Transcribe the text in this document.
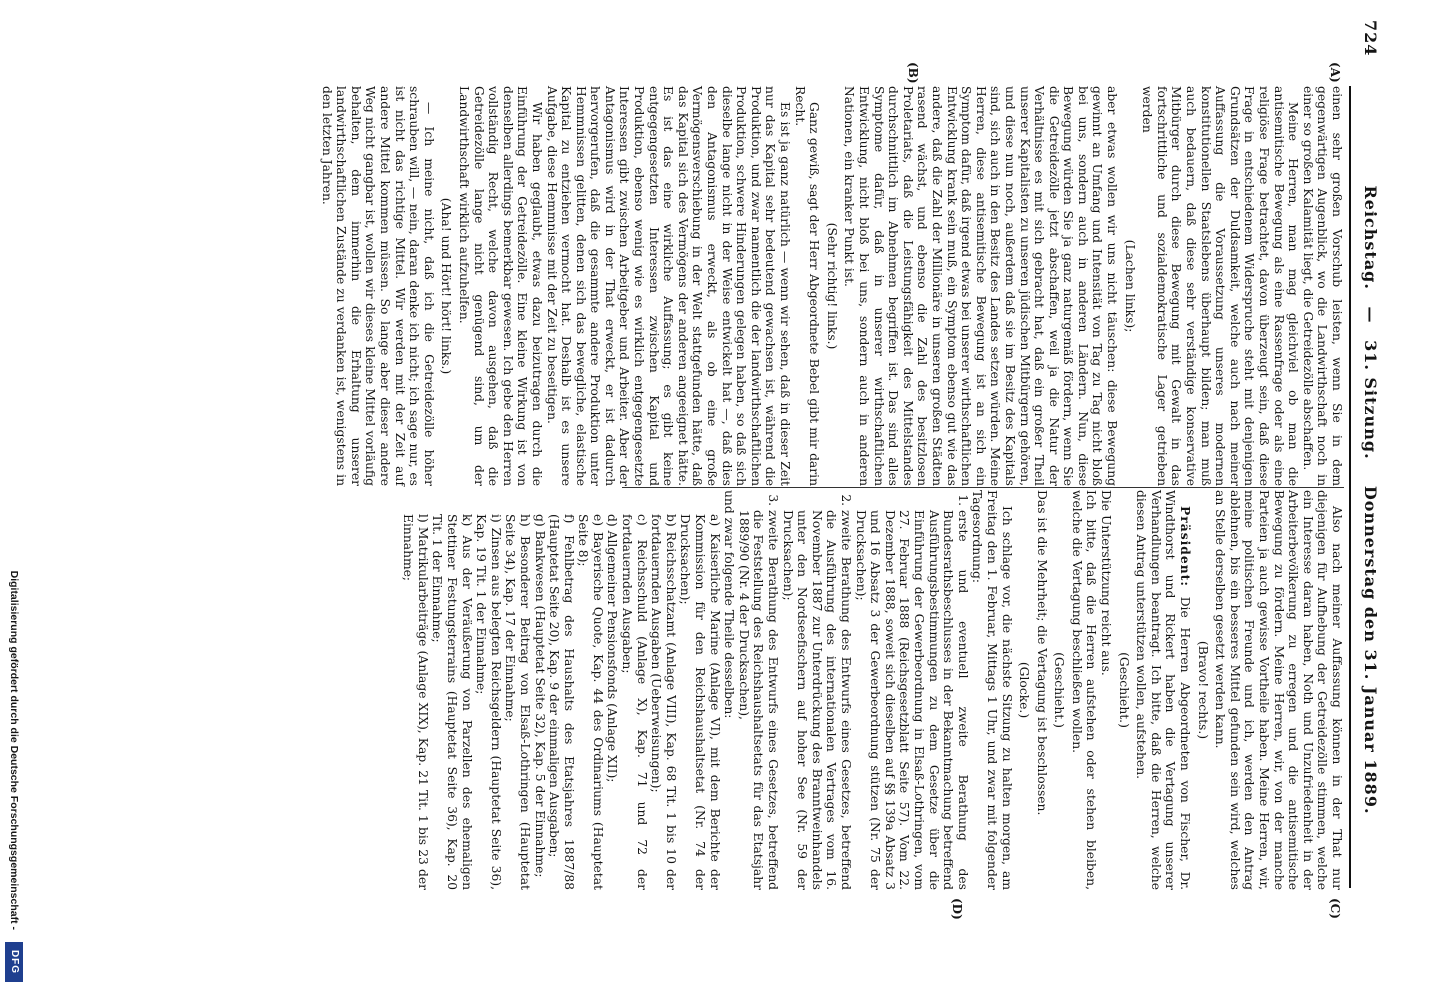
724
Reichstag. — 31. Sitzung.    Donnerstag den 31. Januar 1889.
(A)
(B)
(C)
(D)

einen sehr großen Vorschub leisten, wenn Sie in dem gegenwärtigen Augenblick, wo die Landwirthschaft noch in einer so großen Kalamität liegt, die Getreidezölle abschaffen.

Meine Herren, man mag gleichviel ob man die antisemitische Bewegung als eine Rassenfrage oder als eine religiöse Frage betrachtet, davon überzeugt sein, daß diese Frage in entschiedenem Widerspruche steht mit denjenigen Grundsätzen der Duldsamkeit, welche auch nach meiner Auffassung die Voraussetzung unseres modernen konstitutionellen Staatslebens überhaupt bilden; man muß auch bedauern, daß diese sehr verständige konservative Mitbürger durch diese Bewegung mit Gewalt in das fortschrittliche und sozialdemokratische Lager getrieben werden

(Lachen links);

aber etwas wollen wir uns nicht täuschen: diese Bewegung gewinnt an Umfang und Intensität von Tag zu Tag nicht bloß bei uns, sondern auch in anderen Ländern. Nun, diese Bewegung würden Sie ja ganz naturgemäß fördern, wenn Sie die Getreidezölle jetzt abschaffen, weil ja die Natur der Verhältnisse es mit sich gebracht hat, daß ein großer Theil unserer Kapitalisten zu unseren jüdischen Mitbürgern gehören, und diese nun noch, außerdem daß sie im Besitz des Kapitals sind, sich auch in den Besitz des Landes setzen würden. Meine Herren, diese antisemitische Bewegung ist an sich ein Symptom dafür, daß irgend etwas bei unserer wirthschaftlichen Entwicklung krank sein muß, ein Symptom ebenso gut wie das andere, daß die Zahl der Millionäre in unseren großen Städten rasend wächst, und ebenso die Zahl des besitzlosen Proletariats, daß die Leistungsfähigkeit des Mittelstandes durchschnittlich im Abnehmen begriffen ist. Das sind alles Symptome dafür, daß in unserer wirthschaftlichen Entwicklung, nicht bloß bei uns, sondern auch in anderen Nationen, ein kranker Punkt ist.

(Sehr richtig! links.)

Ganz gewiß, sagt der Herr Abgeordnete Bebel gibt mir darin Recht.

Es ist ja ganz natürlich — wenn wir sehen, daß in dieser Zeit nur das Kapital sehr bedeutend gewachsen ist, während die Produktion, und zwar namentlich die der landwirthschaftlichen Produktion, schwere Hinderungen gelegen haben, so daß sich dieselbe lange nicht in der Weise entwickelt hat —, daß dies den Antagonismus erweckt, als ob eine große Vermögensverschiebung in der Welt stattgefunden hätte, daß das Kapital sich des Vermögens der anderen angeeignet hätte. Es ist das eine wirkliche Auffassung; es gibt keine entgegengesetzten Interessen zwischen Kapital und Produktion, ebenso wenig wie es wirklich entgegengesetzte Interessen gibt zwischen Arbeitgeber und Arbeiter. Aber der Antagonismus wird in der That erweckt, er ist dadurch hervorgerufen, daß die gesammte andere Produktion unter Hemmnissen gelitten, denen sich das bewegliche, elastische Kapital zu entziehen vermocht hat. Deshalb ist es unsere Aufgabe, diese Hemmnisse mit der Zeit zu beseitigen.

Wir haben geglaubt, etwas dazu beizutragen durch die Einführung der Getreidezölle. Eine kleine Wirkung ist von denselben allerdings bemerkbar gewesen. Ich gebe den Herren vollständig Recht, welche davon ausgehen, daß die Getreidezölle lange nicht genügend sind, um der Landwirthschaft wirklich aufzuhelfen.

(Aha! und Hört! hört! links.)

— Ich meine nicht, daß ich die Getreidezölle höher schrauben will, — nein, daran denke ich nicht; ich sage nur, es ist nicht das richtige Mittel. Wir werden mit der Zeit auf andere Mittel kommen müssen. So lange aber dieser andere Weg nicht gangbar ist, wollen wir dieses kleine Mittel vorläufig behalten, dem immerhin die Erhaltung unserer landwirthschaftlichen Zustände zu verdanken ist, wenigstens in den letzten Jahren.

Also nach meiner Auffassung können in der That nur diejenigen für Aufhebung der Getreidezölle stimmen, welche ein Interesse daran haben, Noth und Unzufriedenheit in der Arbeiterbevölkerung zu erregen und die antisemitische Bewegung zu fördern. Meine Herren, wir, von der manche Parteien ja auch gewisse Vortheile haben. Meine Herren, wir, meine politischen Freunde und ich, werden den Antrag ablehnen, bis ein besseres Mittel gefunden sein wird, welches an Stelle derselben gesetzt werden kann.

(Bravo! rechts.)

Präsident: Die Herren Abgeordneten von Fischer, Dr. Windthorst und Rickert haben die Vertagung unserer Verhandlungen beantragt. Ich bitte, daß die Herren, welche diesen Antrag unterstützen wollen, aufstehen.

(Geschieht.)

Die Unterstützung reicht aus.

Ich bitte, daß die Herren aufstehen oder stehen bleiben, welche die Vertagung beschließen wollen.

(Geschieht.)

Das ist die Mehrheit; die Vertagung ist beschlossen.

(Glocke.)

Ich schlage vor, die nächste Sitzung zu halten morgen, am Freitag den 1. Februar, Mittags 1 Uhr, und zwar mit folgender Tagesordnung:

1. erste und eventuell zweite Berathung des Bundesrathsbeschlusses in der Bekanntmachung betreffend Ausführungsbestimmungen zu dem Gesetze über die Einführung der Gewerbeordnung in Elsaß-Lothringen, vom 27. Februar 1888 (Reichsgesetzblatt Seite 57). Vom 22. Dezember 1888, soweit sich dieselben auf §§ 139a Absatz 3 und 16 Absatz 3 der Gewerbeordnung stützen (Nr. 75 der Drucksachen);
2. zweite Berathung des Entwurfs eines Gesetzes, betreffend die Ausführung des internationalen Vertrages vom 16. November 1887 zur Unterdrückung des Branntweinhandels unter den Nordseefischern auf hoher See (Nr. 59 der Drucksachen);
3. zweite Berathung des Entwurfs eines Gesetzes, betreffend die Feststellung des Reichshaushaltsetats für das Etatsjahr 1889/90 (Nr. 4 der Drucksachen),

und zwar folgende Theile desselben:

a) Kaiserliche Marine (Anlage VI), mit dem Berichte der Kommission für den Reichshaushaltsetat (Nr. 74 der Drucksachen);
b) Reichsschatzamt (Anlage VIII), Kap. 68 Tit. 1 bis 10 der fortdauernden Ausgaben (Ueberweisungen);
c) Reichsschuld (Anlage X), Kap. 71 und 72 der fortdauernden Ausgaben;
d) Allgemeiner Pensionsfonds (Anlage XII);
e) Bayerische Quote, Kap. 44 des Ordinariums (Hauptetat Seite 8);
f) Fehlbetrag des Haushalts des Etatsjahres 1887/88 (Hauptetat Seite 20), Kap. 9 der einmaligen Ausgaben;
g) Bankwesen (Hauptetat Seite 32), Kap. 5 der Einnahme;
h) Besonderer Beitrag von Elsaß-Lothringen (Hauptetat Seite 34), Kap. 17 der Einnahme;
i) Zinsen aus belegten Reichsgeldern (Hauptetat Seite 36), Kap. 19 Tit. 1 der Einnahme;
k) Aus der Veräußerung von Parzellen des ehemaligen Stettiner Festungsterrains (Hauptetat Seite 36), Kap. 20 Tit. 1 der Einnahme;
l) Matrikularbeiträge (Anlage XIX), Kap. 21 Tit. 1 bis 23 der Einnahme;
Digitalisierung gefördert durch die Deutsche Forschungsgemeinschaft -
DFG
